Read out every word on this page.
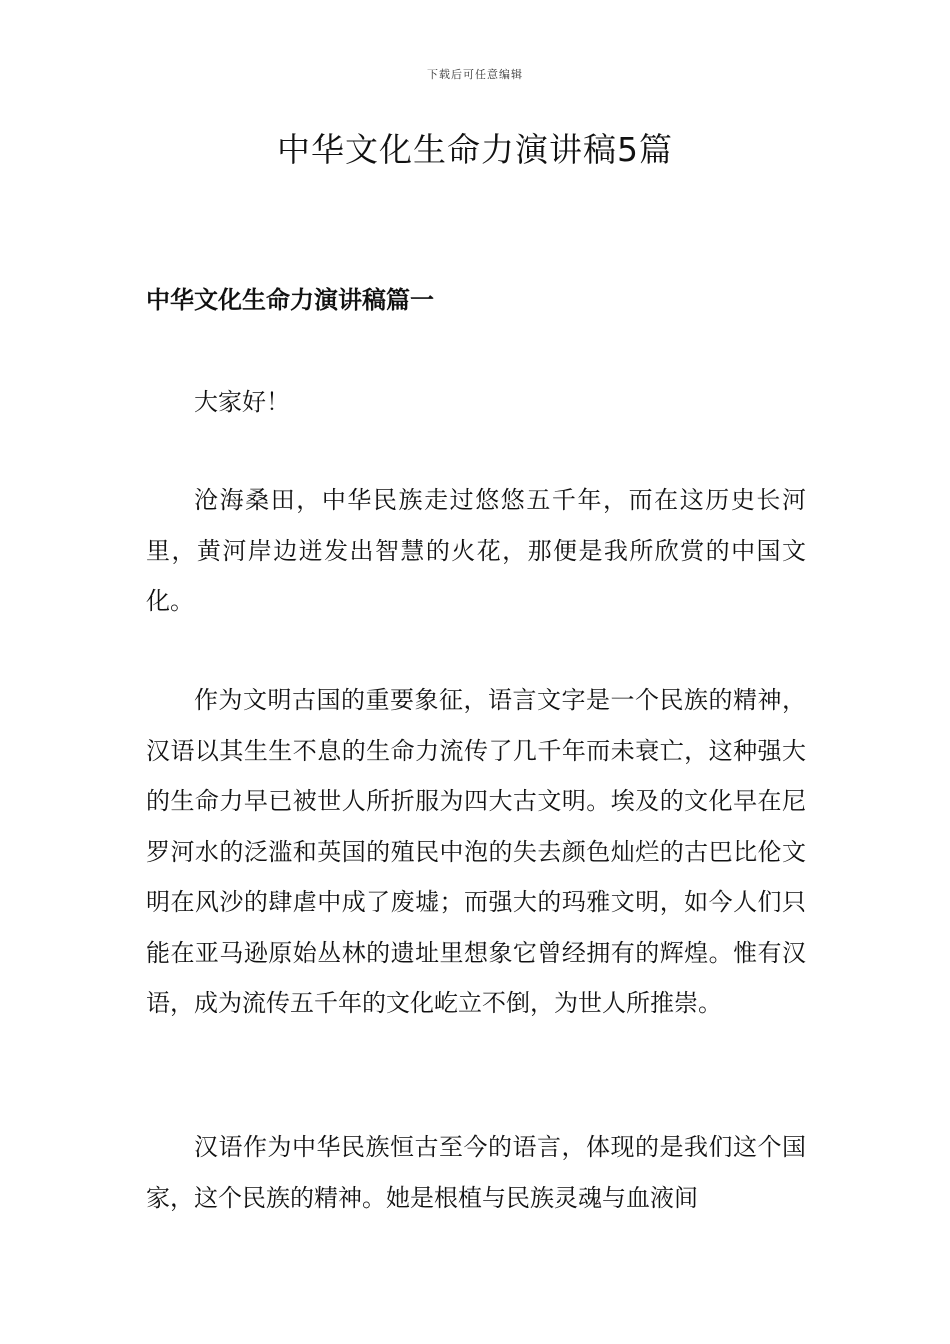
下载后可任意编辑
中华文化生命力演讲稿5篇
中华文化生命力演讲稿篇一

大家好！

沧海桑田，中华民族走过悠悠五千年，而在这历史长河里，黄河岸边迸发出智慧的火花，那便是我所欣赏的中国文化。

作为文明古国的重要象征，语言文字是一个民族的精神，汉语以其生生不息的生命力流传了几千年而未衰亡，这种强大的生命力早已被世人所折服为四大古文明。埃及的文化早在尼罗河水的泛滥和英国的殖民中泡的失去颜色灿烂的古巴比伦文明在风沙的肆虐中成了废墟；而强大的玛雅文明，如今人们只能在亚马逊原始丛林的遗址里想象它曾经拥有的辉煌。惟有汉语，成为流传五千年的文化屹立不倒，为世人所推崇。

汉语作为中华民族恒古至今的语言，体现的是我们这个国家，这个民族的精神。她是根植与民族灵魂与血液间
